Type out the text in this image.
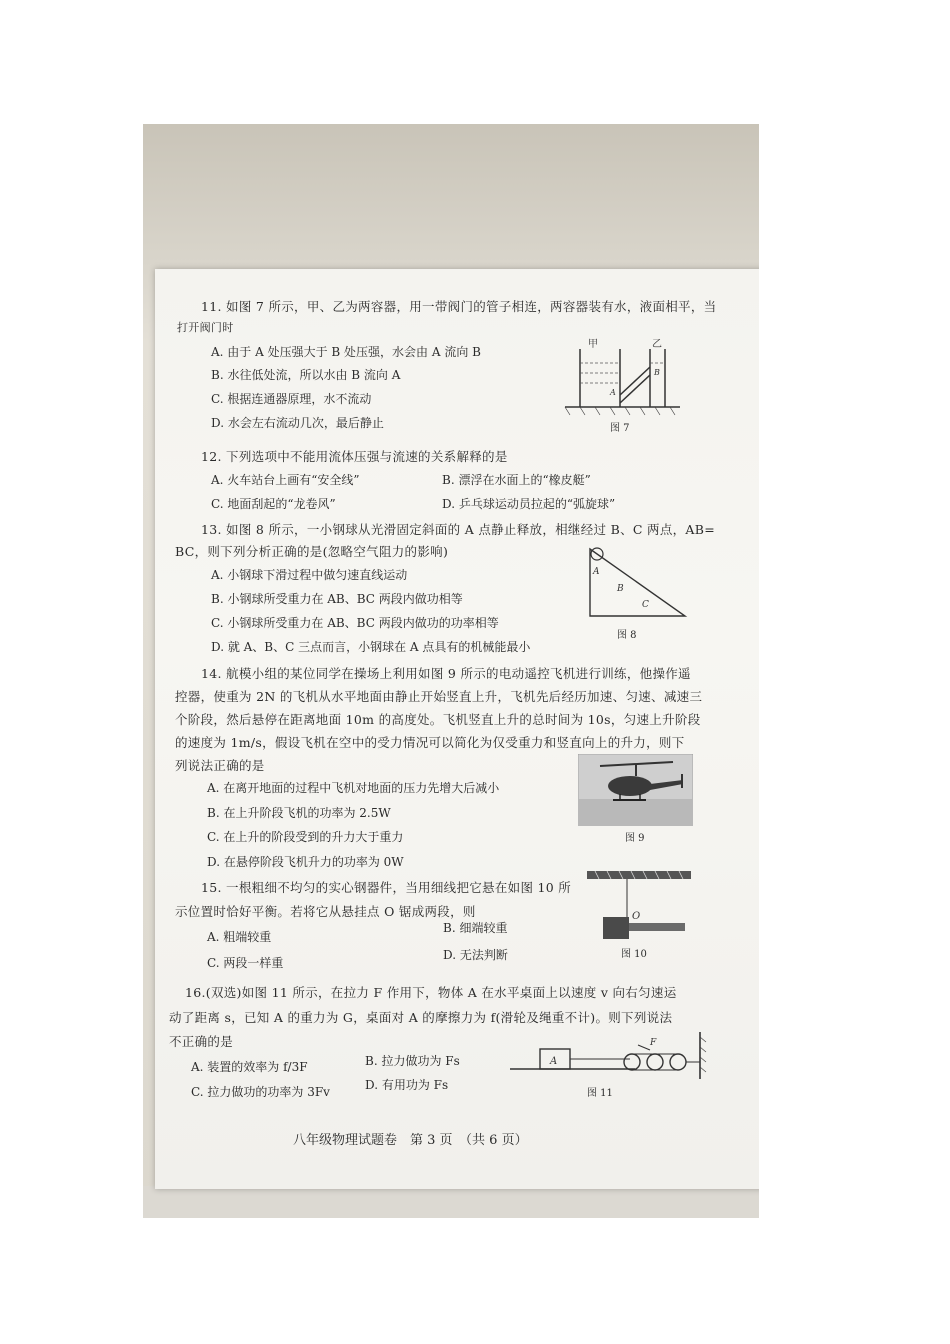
11. 如图 7 所示，甲、乙为两容器，用一带阀门的管子相连，两容器装有水，液面相平，当
打开阀门时
A. 由于 A 处压强大于 B 处压强，水会由 A 流向 B
B. 水往低处流，所以水由 B 流向 A
C. 根据连通器原理，水不流动
D. 水会左右流动几次，最后静止
甲	乙
A
B
图 7
12. 下列选项中不能用流体压强与流速的关系解释的是
A. 火车站台上画有“安全线”	B. 漂浮在水面上的“橡皮艇”
C. 地面刮起的“龙卷风”	D. 乒乓球运动员拉起的“弧旋球”
13. 如图 8 所示，一小钢球从光滑固定斜面的 A 点静止释放，相继经过 B、C 两点，AB=
BC，则下列分析正确的是(忽略空气阻力的影响)
A. 小钢球下滑过程中做匀速直线运动
B. 小钢球所受重力在 AB、BC 两段内做功相等
C. 小钢球所受重力在 AB、BC 两段内做功的功率相等
D. 就 A、B、C 三点而言，小钢球在 A 点具有的机械能最小
A
B
C
图 8
14. 航模小组的某位同学在操场上利用如图 9 所示的电动遥控飞机进行训练，他操作遥
控器，使重为 2N 的飞机从水平地面由静止开始竖直上升，飞机先后经历加速、匀速、减速三
个阶段，然后悬停在距离地面 10m 的高度处。飞机竖直上升的总时间为 10s，匀速上升阶段
的速度为 1m/s，假设飞机在空中的受力情况可以简化为仅受重力和竖直向上的升力，则下
列说法正确的是
A. 在离开地面的过程中飞机对地面的压力先增大后减小
B. 在上升阶段飞机的功率为 2.5W
C. 在上升的阶段受到的升力大于重力
D. 在悬停阶段飞机升力的功率为 0W
图 9
15. 一根粗细不均匀的实心钢器件，当用细线把它悬在如图 10 所
示位置时恰好平衡。若将它从悬挂点 O 锯成两段，则
A. 粗端较重
B. 细端较重
C. 两段一样重
D. 无法判断
O
图 10
16.(双选)如图 11 所示，在拉力 F 作用下，物体 A 在水平桌面上以速度 v 向右匀速运
动了距离 s，已知 A 的重力为 G，桌面对 A 的摩擦力为 f(滑轮及绳重不计)。则下列说法
不正确的是
A. 装置的效率为 f/3F	B. 拉力做功为 Fs
C. 拉力做功的功率为 3Fv	D. 有用功为 Fs
A
F
图 11
八年级物理试题卷　第 3 页　（共 6 页）
